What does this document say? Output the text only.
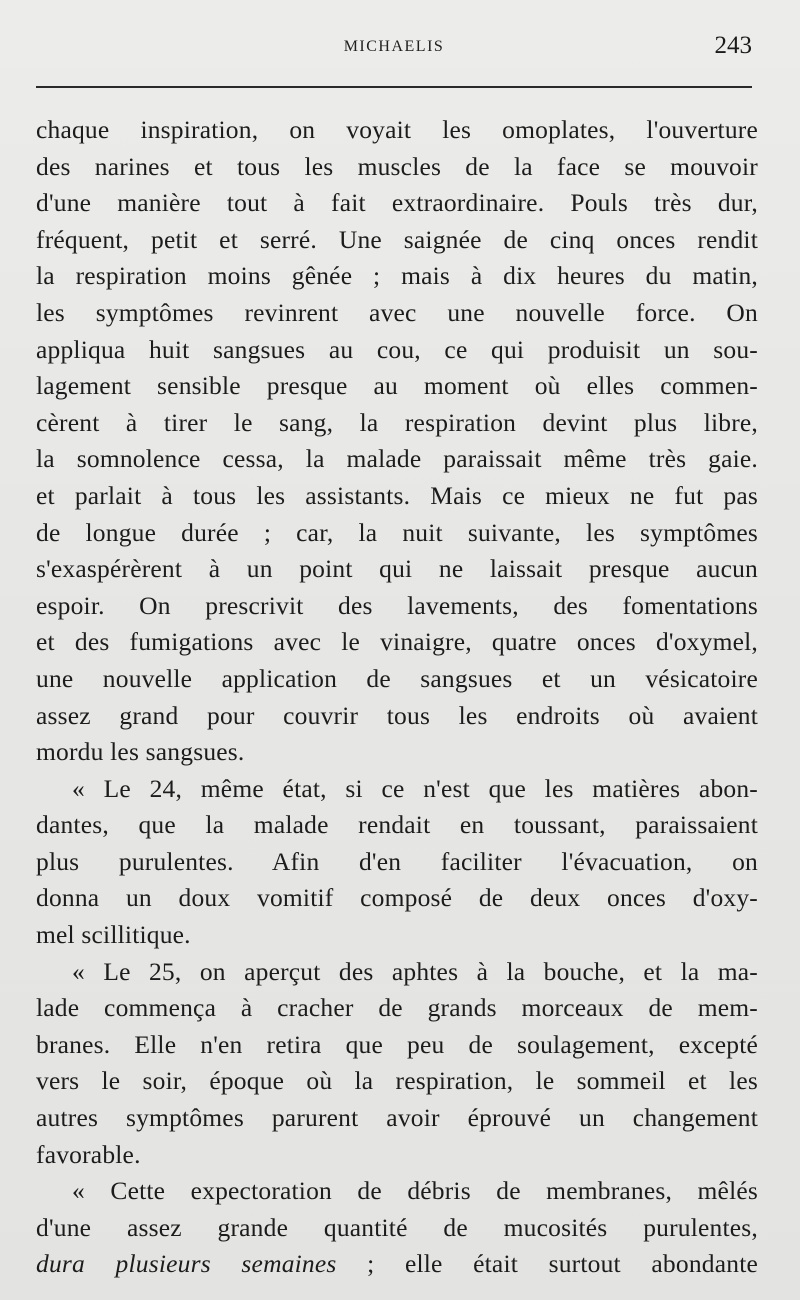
MICHAELIS	243
chaque inspiration, on voyait les omoplates, l'ouverture
des narines et tous les muscles de la face se mouvoir
d'une manière tout à fait extraordinaire. Pouls très dur,
fréquent, petit et serré. Une saignée de cinq onces rendit
la respiration moins gênée ; mais à dix heures du matin,
les symptômes revinrent avec une nouvelle force. On
appliqua huit sangsues au cou, ce qui produisit un sou-
lagement sensible presque au moment où elles commen-
cèrent à tirer le sang, la respiration devint plus libre,
la somnolence cessa, la malade paraissait même très gaie.
et parlait à tous les assistants. Mais ce mieux ne fut pas
de longue durée ; car, la nuit suivante, les symptômes
s'exaspérèrent à un point qui ne laissait presque aucun
espoir. On prescrivit des lavements, des fomentations
et des fumigations avec le vinaigre, quatre onces d'oxymel,
une nouvelle application de sangsues et un vésicatoire
assez grand pour couvrir tous les endroits où avaient
mordu les sangsues.
« Le 24, même état, si ce n'est que les matières abon-
dantes, que la malade rendait en toussant, paraissaient
plus purulentes. Afin d'en faciliter l'évacuation, on
donna un doux vomitif composé de deux onces d'oxy-
mel scillitique.
« Le 25, on aperçut des aphtes à la bouche, et la ma-
lade commença à cracher de grands morceaux de mem-
branes. Elle n'en retira que peu de soulagement, excepté
vers le soir, époque où la respiration, le sommeil et les
autres symptômes parurent avoir éprouvé un changement
favorable.
« Cette expectoration de débris de membranes, mêlés
d'une assez grande quantité de mucosités purulentes,
dura plusieurs semaines ; elle était surtout abondante
